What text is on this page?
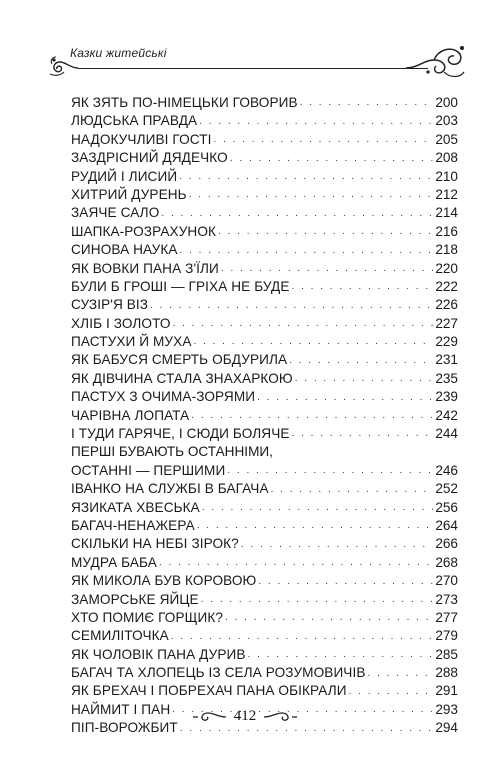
Казки житейські
ЯК ЗЯТЬ ПО-НІМЕЦЬКИ ГОВОРИВ . . .	200
ЛЮДСЬКА ПРАВДА . . .	203
НАДОКУЧЛИВІ ГОСТІ . . .	205
ЗАЗДРІСНИЙ ДЯДЕЧКО . . .	208
РУДИЙ І ЛИСИЙ . . .	210
ХИТРИЙ ДУРЕНЬ . . .	212
ЗАЯЧЕ САЛО . . .	214
ШАПКА-РОЗРАХУНОК . . .	216
СИНОВА НАУКА . . .	218
ЯК ВОВКИ ПАНА З'ЇЛИ . . .	220
БУЛИ Б ГРОШІ — ГРІХА НЕ БУДЕ . . .	222
СУЗІР'Я ВІЗ . . .	226
ХЛІБ І ЗОЛОТО . . .	227
ПАСТУХИ Й МУХА . . .	229
ЯК БАБУСЯ СМЕРТЬ ОБДУРИЛА . . .	231
ЯК ДІВЧИНА СТАЛА ЗНАХАРКОЮ . . .	235
ПАСТУХ З ОЧИМА-ЗОРЯМИ . . .	239
ЧАРІВНА ЛОПАТА . . .	242
І ТУДИ ГАРЯЧЕ, І СЮДИ БОЛЯЧЕ . . .	244
ПЕРШІ БУВАЮТЬ ОСТАННІМИ,
ОСТАННІ — ПЕРШИМИ . . .	246
ІВАНКО НА СЛУЖБІ В БАГАЧА . . .	252
ЯЗИКАТА ХВЕСЬКА . . .	256
БАГАЧ-НЕНАЖЕРА . . .	264
СКІЛЬКИ НА НЕБІ ЗІРОК? . . .	266
МУДРА БАБА . . .	268
ЯК МИКОЛА БУВ КОРОВОЮ . . .	270
ЗАМОРСЬКЕ ЯЙЦЕ . . .	273
ХТО ПОМИЄ ГОРЩИК? . . .	277
СЕМИЛІТОЧКА . . .	279
ЯК ЧОЛОВІК ПАНА ДУРИВ . . .	285
БАГАЧ ТА ХЛОПЕЦЬ ІЗ СЕЛА РОЗУМОВИЧІВ . . .	288
ЯК БРЕХАЧ І ПОБРЕХАЧ ПАНА ОБІКРАЛИ . . .	291
НАЙМИТ І ПАН . . .	293
ПІП-ВОРОЖБИТ . . .	294
412
